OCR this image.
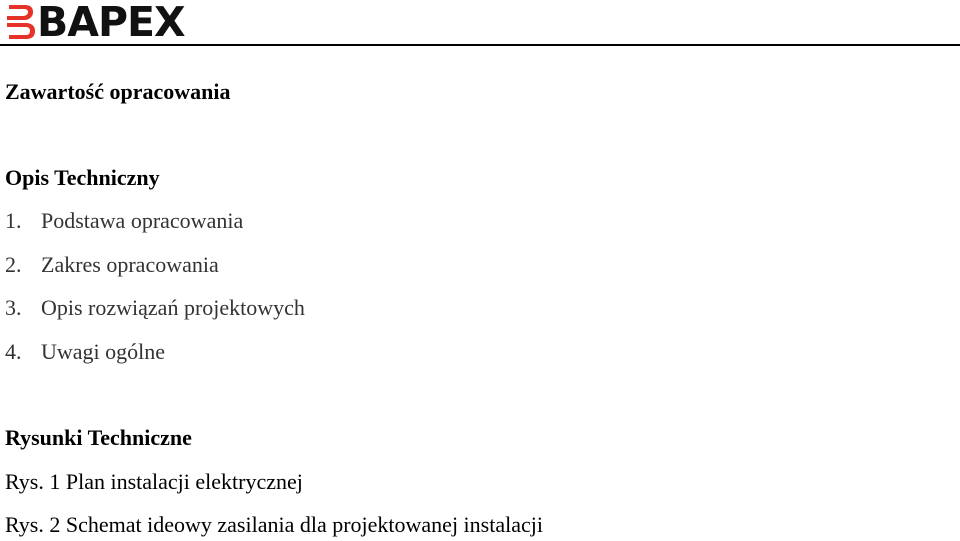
BAPEX
Zawartość opracowania
Opis Techniczny
1. Podstawa opracowania
2. Zakres opracowania
3. Opis rozwiązań projektowych
4. Uwagi ogólne
Rysunki Techniczne
Rys. 1 Plan instalacji elektrycznej
Rys. 2 Schemat ideowy zasilania dla projektowanej instalacji
